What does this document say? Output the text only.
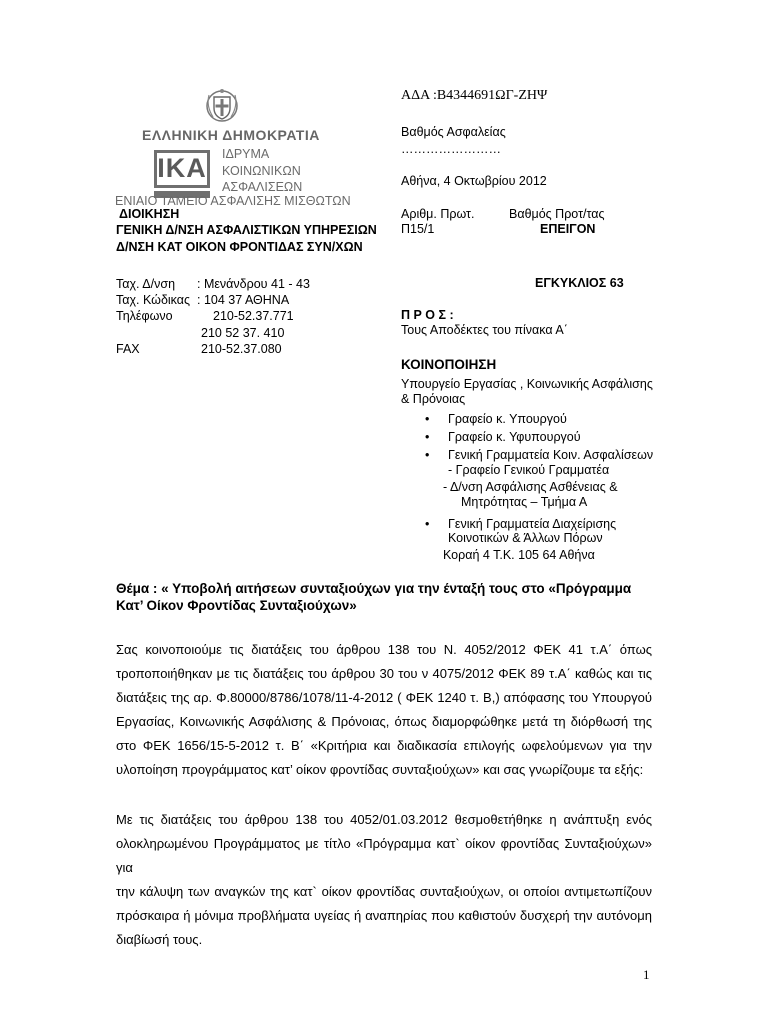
ΕΛΛΗΝΙΚΗ ΔΗΜΟΚΡΑΤΙΑ
ΙΚΑ ΙΔΡΥΜΑ
ΚΟΙΝΩΝΙΚΩΝ
ΑΣΦΑΛΙΣΕΩΝ
ΕΝΙΑΙΟ ΤΑΜΕΙΟ ΑΣΦΑΛΙΣΗΣ ΜΙΣΘΩΤΩΝ
ΔΙΟΙΚΗΣΗ
ΓΕΝΙΚΗ Δ/ΝΣΗ ΑΣΦΑΛΙΣΤΙΚΩΝ ΥΠΗΡΕΣΙΩΝ
Δ/ΝΣΗ ΚΑΤ ΟΙΚΟΝ ΦΡΟΝΤΙΔΑΣ ΣΥΝ/ΧΩΝ
Ταχ. Δ/νση : Μενάνδρου 41 - 43
Ταχ. Κώδικας : 104 37 ΑΘΗΝΑ
Τηλέφωνο	210-52.37.771
210 52 37. 410
FAX	210-52.37.080
ΑΔΑ :Β4344691ΩΓ-ΖΗΨ
Βαθμός Ασφαλείας
……………………
Αθήνα, 4 Οκτωβρίου 2012
Αριθμ. Πρωτ.	Βαθμός Προτ/τας
Π15/1	ΕΠΕΙΓΟΝ
ΕΓΚΥΚΛΙΟΣ 63
Π Ρ Ο Σ :
Τους Αποδέκτες του πίνακα Α΄
ΚΟΙΝΟΠΟΙΗΣΗ
Υπουργείο Εργασίας , Κοινωνικής Ασφάλισης
& Πρόνοιας
• Γραφείο κ. Υπουργού
• Γραφείο κ. Υφυπουργού
• Γενική Γραμματεία Κοιν. Ασφαλίσεων
- Γραφείο Γενικού Γραμματέα
- Δ/νση Ασφάλισης Ασθένειας &
Μητρότητας – Τμήμα Α
• Γενική Γραμματεία Διαχείρισης
Κοινοτικών & Άλλων Πόρων
Κοραή 4 Τ.Κ. 105 64 Αθήνα
Θέμα : « Υποβολή αιτήσεων συνταξιούχων για την ένταξή τους στο «Πρόγραμμα
Κατ’ Οίκον Φροντίδας Συνταξιούχων»
Σας κοινοποιούμε τις διατάξεις του άρθρου 138 του Ν. 4052/2012 ΦΕΚ 41 τ.Α΄ όπως
τροποποιήθηκαν με τις διατάξεις του άρθρου 30 του ν 4075/2012 ΦΕΚ 89 τ.Α΄ καθώς και τις
διατάξεις της αρ. Φ.80000/8786/1078/11-4-2012 ( ΦΕΚ 1240 τ. Β,) απόφασης του Υπουργού
Εργασίας, Κοινωνικής Ασφάλισης & Πρόνοιας, όπως διαμορφώθηκε μετά τη διόρθωσή της
στο ΦΕΚ 1656/15-5-2012 τ. Β΄ «Κριτήρια και διαδικασία επιλογής ωφελούμενων για την
υλοποίηση προγράμματος κατ’ οίκον φροντίδας συνταξιούχων» και σας γνωρίζουμε τα εξής:
Με τις διατάξεις του άρθρου 138 του 4052/01.03.2012 θεσμοθετήθηκε η ανάπτυξη ενός
ολοκληρωμένου Προγράμματος με τίτλο «Πρόγραμμα κατ` οίκον φροντίδας Συνταξιούχων» για
την κάλυψη των αναγκών της κατ` οίκον φροντίδας συνταξιούχων, οι οποίοι αντιμετωπίζουν
πρόσκαιρα ή μόνιμα προβλήματα υγείας ή αναπηρίας που καθιστούν δυσχερή την αυτόνομη
διαβίωσή τους.
1
